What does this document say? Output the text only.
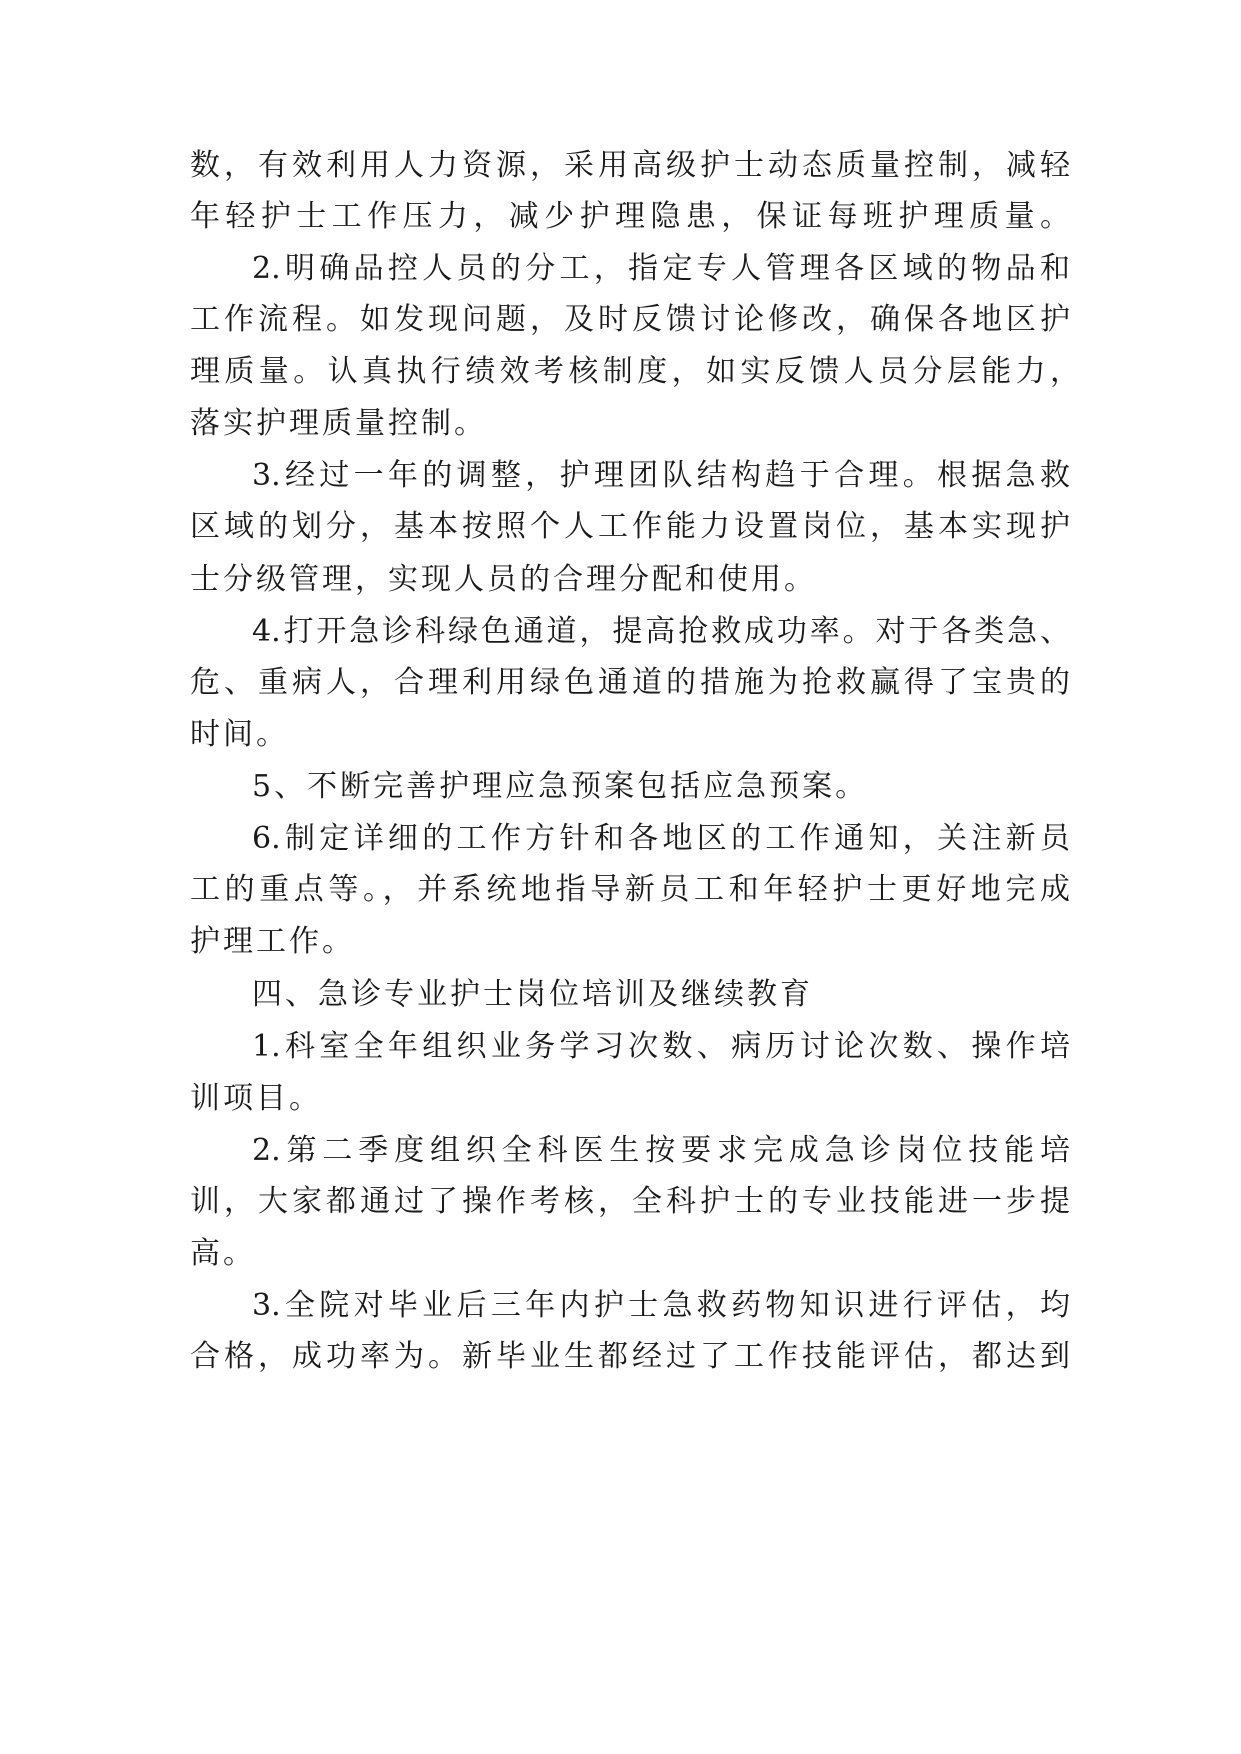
数，有效利用人力资源，采用高级护士动态质量控制，减轻
年轻护士工作压力，减少护理隐患，保证每班护理质量。
2.明确品控人员的分工，指定专人管理各区域的物品和
工作流程。如发现问题，及时反馈讨论修改，确保各地区护
理质量。认真执行绩效考核制度，如实反馈人员分层能力，
落实护理质量控制。
3.经过一年的调整，护理团队结构趋于合理。根据急救
区域的划分，基本按照个人工作能力设置岗位，基本实现护
士分级管理，实现人员的合理分配和使用。
4.打开急诊科绿色通道，提高抢救成功率。对于各类急、
危、重病人，合理利用绿色通道的措施为抢救赢得了宝贵的
时间。
5、不断完善护理应急预案包括应急预案。
6.制定详细的工作方针和各地区的工作通知，关注新员
工的重点等。，并系统地指导新员工和年轻护士更好地完成
护理工作。
四、急诊专业护士岗位培训及继续教育
1.科室全年组织业务学习次数、病历讨论次数、操作培
训项目。
2.第二季度组织全科医生按要求完成急诊岗位技能培
训，大家都通过了操作考核，全科护士的专业技能进一步提
高。
3.全院对毕业后三年内护士急救药物知识进行评估，均
合格，成功率为。新毕业生都经过了工作技能评估，都达到
